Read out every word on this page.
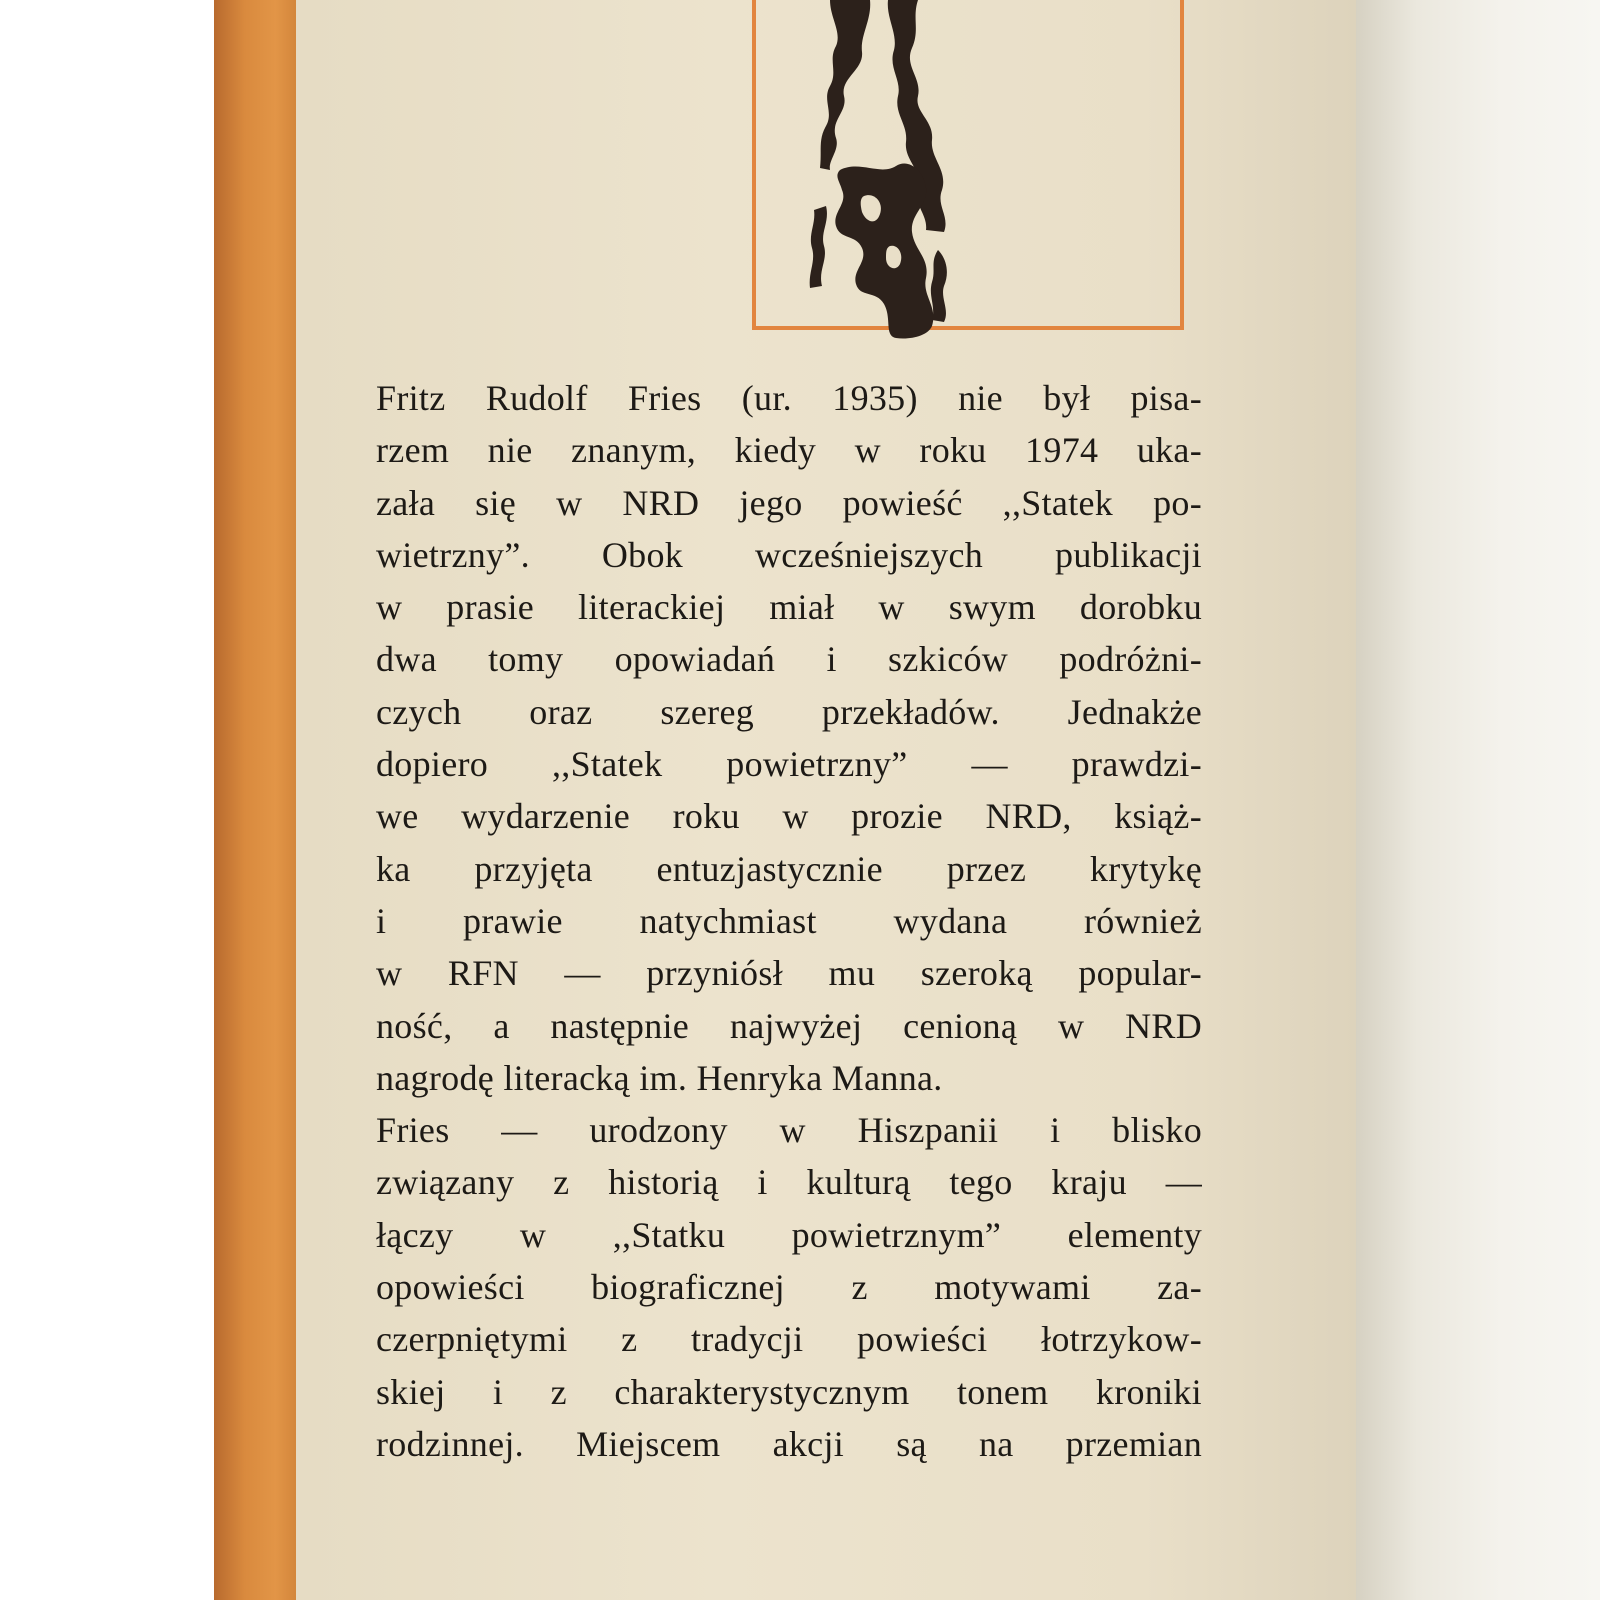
Fritz Rudolf Fries (ur. 1935) nie był pisa-
rzem nie znanym, kiedy w roku 1974 uka-
zała się w NRD jego powieść ,,Statek po-
wietrzny”. Obok wcześniejszych publikacji
w prasie literackiej miał w swym dorobku
dwa tomy opowiadań i szkiców podróżni-
czych oraz szereg przekładów. Jednakże
dopiero ,,Statek powietrzny” — prawdzi-
we wydarzenie roku w prozie NRD, książ-
ka przyjęta entuzjastycznie przez krytykę
i prawie natychmiast wydana również
w RFN — przyniósł mu szeroką popular-
ność, a następnie najwyżej cenioną w NRD
nagrodę literacką im. Henryka Manna.
Fries — urodzony w Hiszpanii i blisko
związany z historią i kulturą tego kraju —
łączy w ,,Statku powietrznym” elementy
opowieści biograficznej z motywami za-
czerpniętymi z tradycji powieści łotrzykow-
skiej i z charakterystycznym tonem kroniki
rodzinnej. Miejscem akcji są na przemian
